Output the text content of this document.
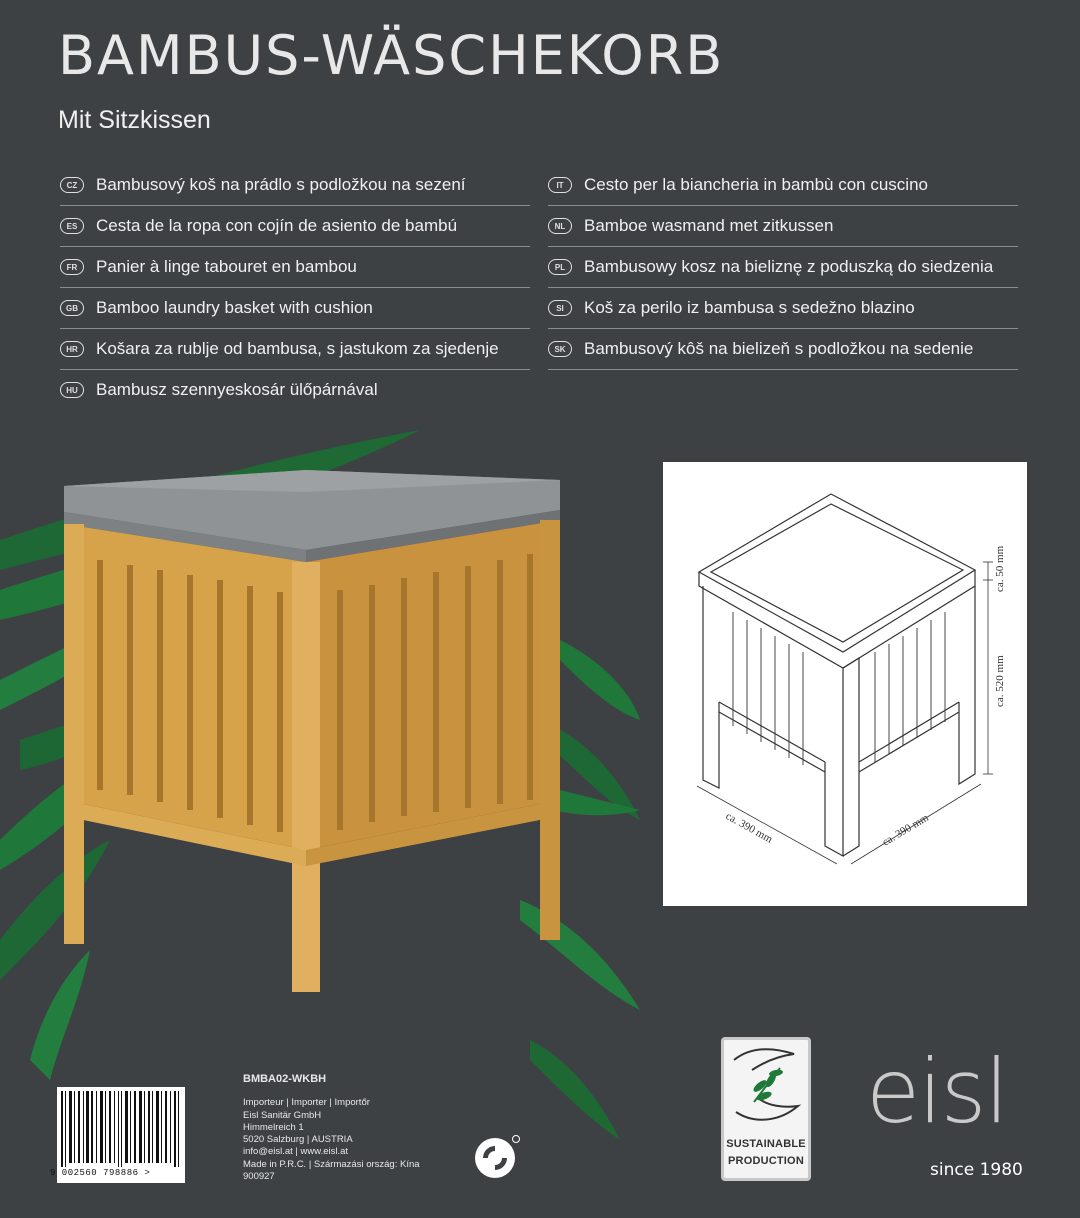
BAMBUS-WÄSCHEKORB
Mit Sitzkissen
CZ	Bambusový koš na prádlo s podložkou na sezení
ES	Cesta de la ropa con cojín de asiento de bambú
FR	Panier à linge tabouret en bambou
GB	Bamboo laundry basket with cushion
HR	Košara za rublje od bambusa, s jastukom za sjedenje
HU	Bambusz szennyeskosár ülőpárnával
IT	Cesto per la biancheria in bambù con cuscino
NL	Bamboe wasmand met zitkussen
PL	Bambusowy kosz na bieliznę z poduszką do siedzenia
SI	Koš za perilo iz bambusa s sedežno blazino
SK	Bambusový kôš na bielizeň s podložkou na sedenie
ca. 50 mm
ca. 520 mm
ca. 390 mm	ca. 390 mm
9 002560 798886 >
BMBA02-WKBH
Importeur | Importer | Importőr
Eisl Sanitär GmbH
Himmelreich 1
5020 Salzburg | AUSTRIA
info@eisl.at | www.eisl.at
Made in P.R.C. | Származási ország: Kína
900927
SUSTAINABLE
PRODUCTION
eisl
since 1980
